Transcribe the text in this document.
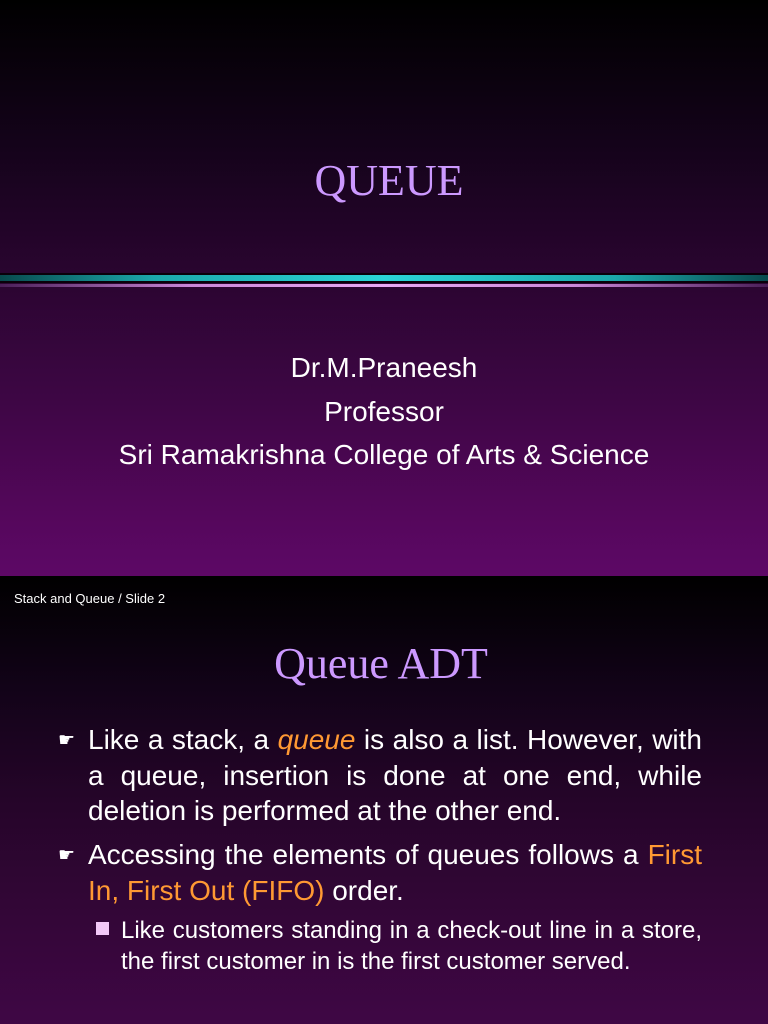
QUEUE
Dr.M.Praneesh
Professor
Sri Ramakrishna College of Arts & Science
Stack and Queue / Slide 2
Queue ADT
☛ Like a stack, a queue is also a list. However, with a queue, insertion is done at one end, while deletion is performed at the other end.
☛ Accessing the elements of queues follows a First In, First Out (FIFO) order.
Like customers standing in a check-out line in a store, the first customer in is the first customer served.
